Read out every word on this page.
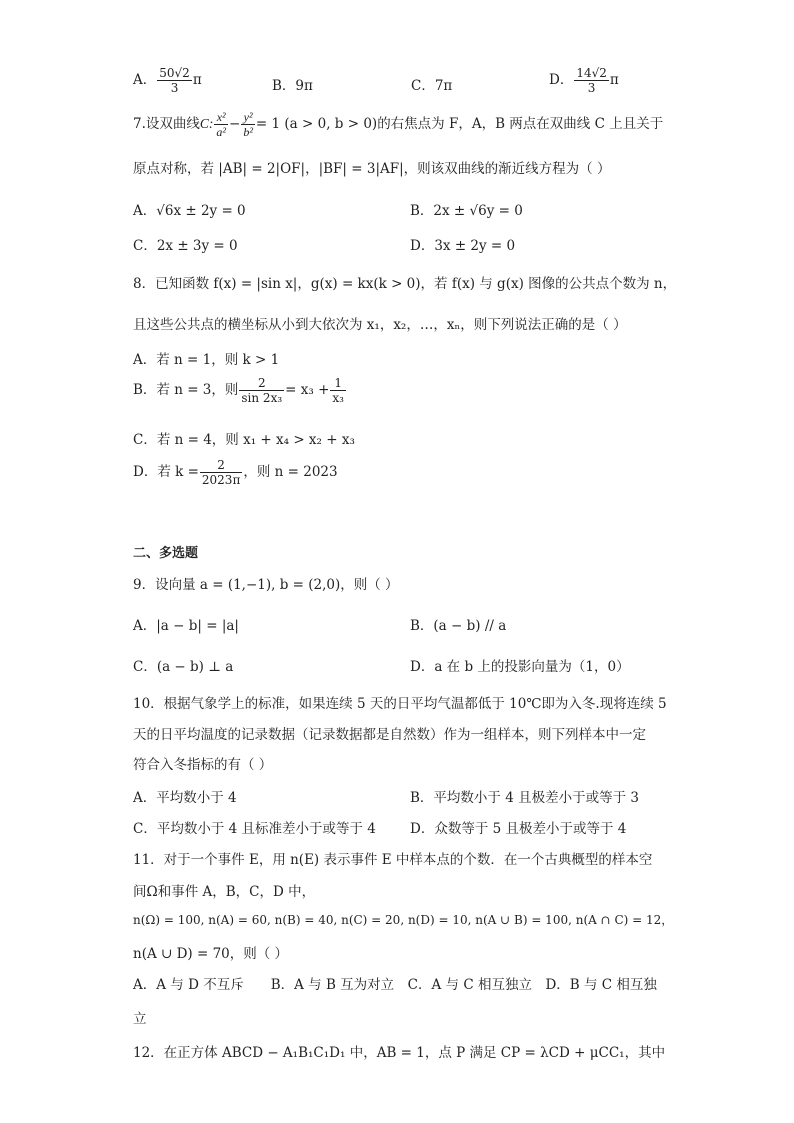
A． $\frac{50√2}{3}$ π	B．9π	C．7π	D． $\frac{14√2}{3}$ π
7.设双曲线C: $\frac{\text{x²}}{\text{a²}} - \frac{\text{y²}}{\text{b²}} = 1$ (a > 0, b > 0)的右焦点为 F，A，B 两点在双曲线 C 上且关于
原点对称，若 |AB| = 2|OF|，|BF| = 3|AF|，则该双曲线的渐近线方程为（ ）
A．√6x ± 2y = 0	B．2x ± √6y = 0
C．2x ± 3y = 0	D．3x ± 2y = 0
8．已知函数 f(x) = |sin x|，g(x) = kx(k > 0)，若 f(x) 与 g(x) 图像的公共点个数为 n，
且这些公共点的横坐标从小到大依次为 x₁，x₂，…，xₙ，则下列说法正确的是（ ）
A．若 n = 1，则 k > 1
B．若 n = 3，则 $\frac{2}{\text{sin 2x₃}} = x_3 + \frac{1}{\text{x₃}}$
C．若 n = 4，则 x₁ + x₄ > x₂ + x₃
D．若 $k = \frac{2}{2023\pi}$ ，则 n = 2023
二、多选题
9．设向量 a = (1,−1), b = (2,0)，则（ ）
A．|a − b| = |a|	B．(a − b) // a
C．(a − b) ⊥ a	D．a 在 b 上的投影向量为（1，0）
10．根据气象学上的标准，如果连续 5 天的日平均气温都低于 10℃即为入冬.现将连续 5
天的日平均温度的记录数据（记录数据都是自然数）作为一组样本，则下列样本中一定
符合入冬指标的有（ ）
A．平均数小于 4	B．平均数小于 4 且极差小于或等于 3
C．平均数小于 4 且标准差小于或等于 4	D．众数等于 5 且极差小于或等于 4
11．对于一个事件 E，用 n(E) 表示事件 E 中样本点的个数．在一个古典概型的样本空
间Ω和事件 A，B，C，D 中，
n(Ω) = 100, n(A) = 60, n(B) = 40, n(C) = 20, n(D) = 10, n(A ∪ B) = 100, n(A ∩ C) = 12，
n(A ∪ D) = 70，则（ ）
A．A 与 D 不互斥　　B．A 与 B 互为对立　C．A 与 C 相互独立　D．B 与 C 相互独
立
12．在正方体 ABCD − A₁B₁C₁D₁ 中，AB = 1，点 P 满足 CP = λCD + μCC₁，其中
